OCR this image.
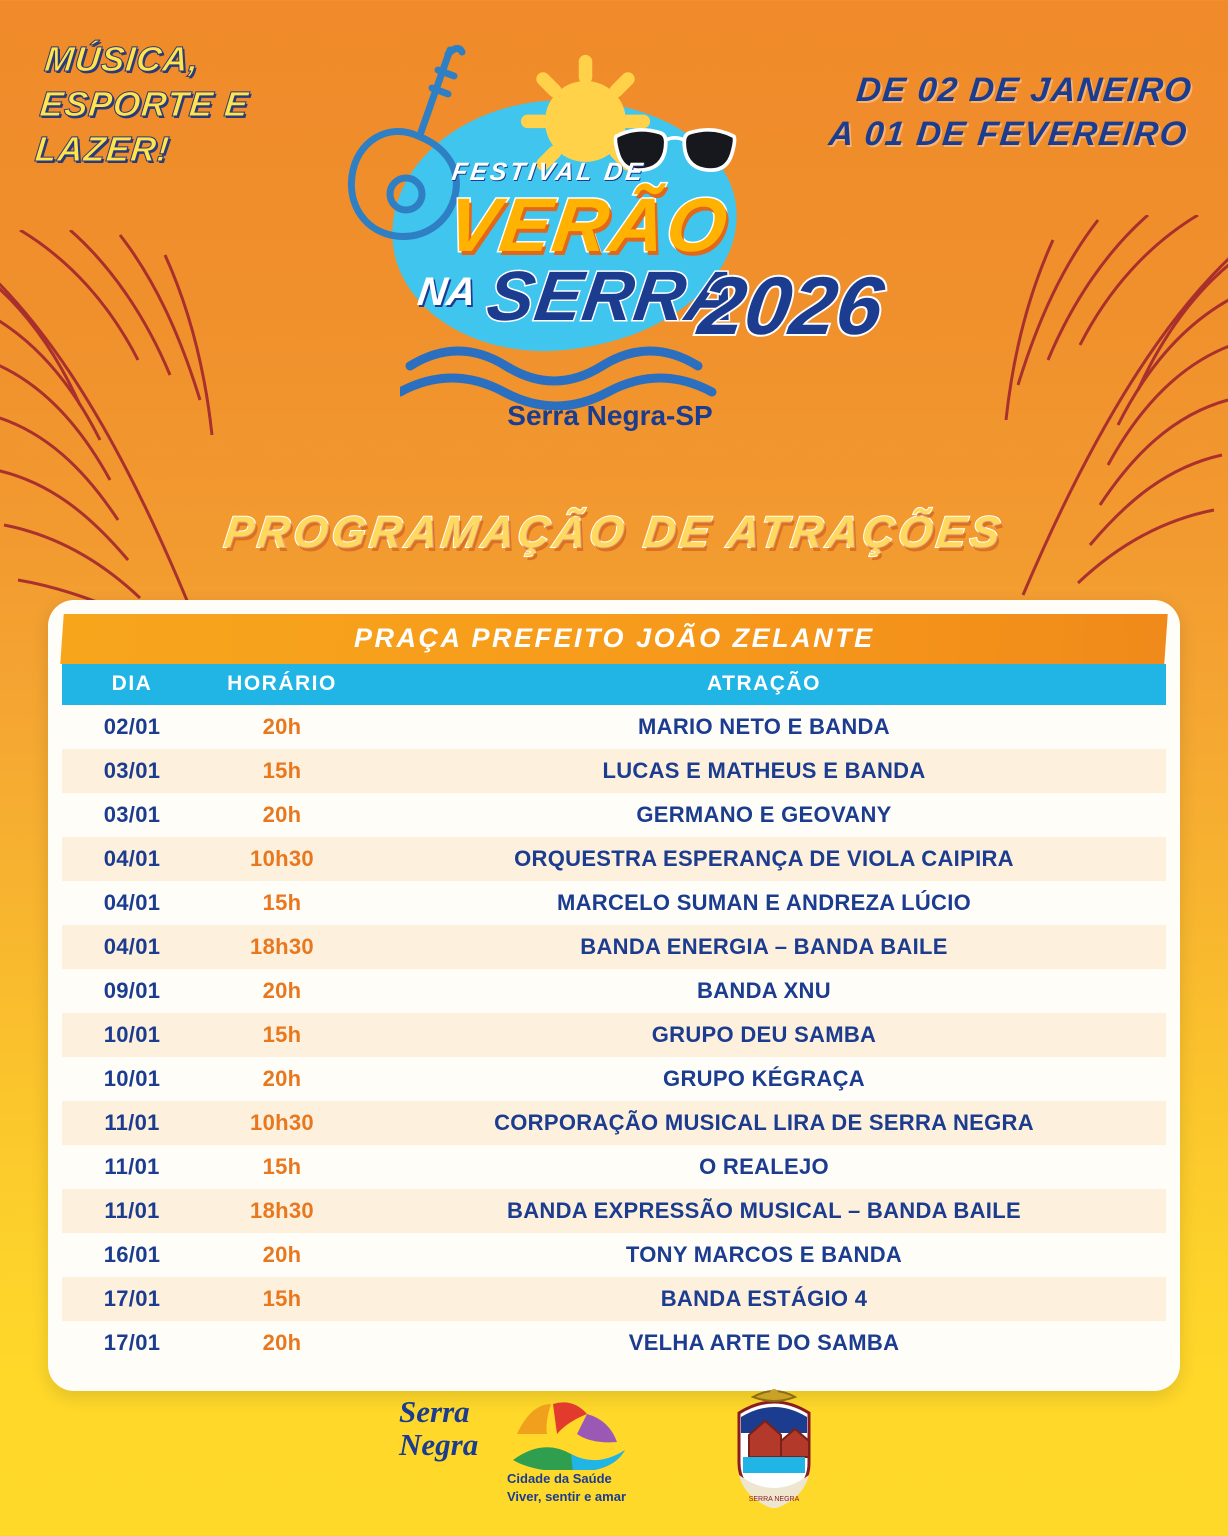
MÚSICA, ESPORTE E LAZER!
DE 02 DE JANEIRO
A 01 DE FEVEREIRO
FESTIVAL DE
VERÃO
NA SERRA
2026
Serra Negra-SP
PROGRAMAÇÃO DE ATRAÇÕES
PRAÇA PREFEITO JOÃO ZELANTE
DIA	HORÁRIO	ATRAÇÃO
02/01	20h	MARIO NETO E BANDA
03/01	15h	LUCAS E MATHEUS E BANDA
03/01	20h	GERMANO E GEOVANY
04/01	10h30	ORQUESTRA ESPERANÇA DE VIOLA CAIPIRA
04/01	15h	MARCELO SUMAN E ANDREZA LÚCIO
04/01	18h30	BANDA ENERGIA – BANDA BAILE
09/01	20h	BANDA XNU
10/01	15h	GRUPO DEU SAMBA
10/01	20h	GRUPO KÉGRAÇA
11/01	10h30	CORPORAÇÃO MUSICAL LIRA DE SERRA NEGRA
11/01	15h	O REALEJO
11/01	18h30	BANDA EXPRESSÃO MUSICAL – BANDA BAILE
16/01	20h	TONY MARCOS E BANDA
17/01	15h	BANDA ESTÁGIO 4
17/01	20h	VELHA ARTE DO SAMBA
Serra
Negra
Cidade da Saúde
Viver, sentir e amar	SERRA NEGRA
